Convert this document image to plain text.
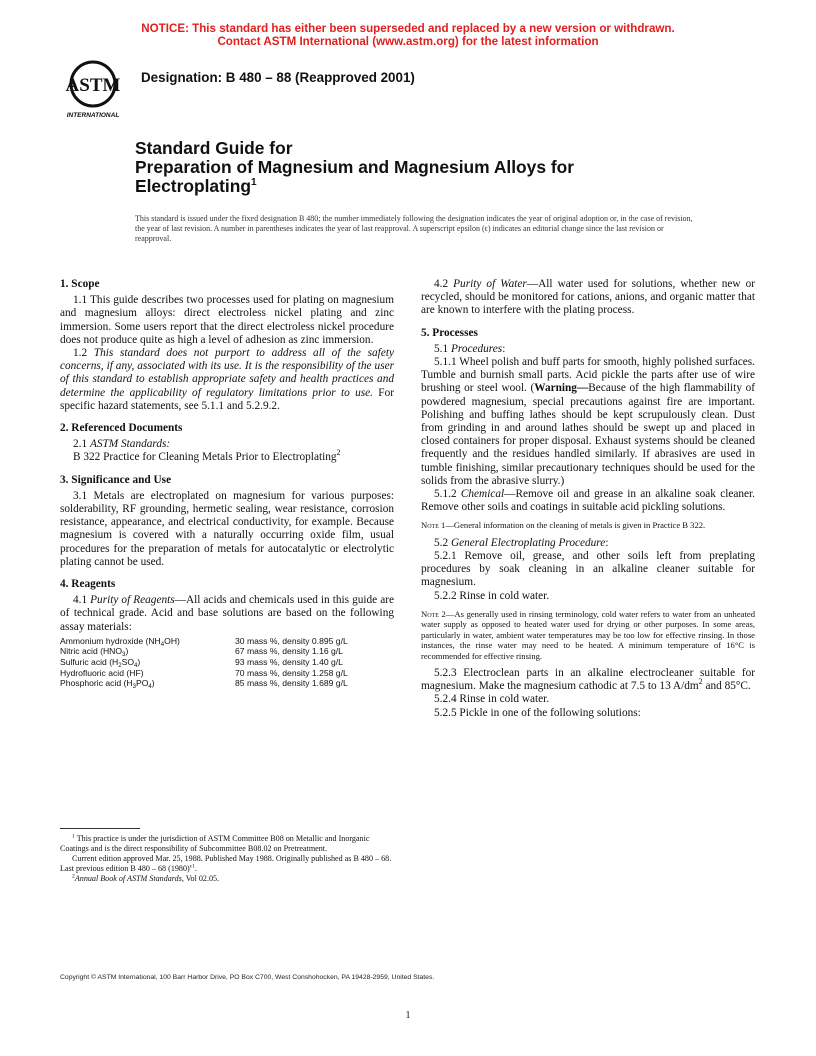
NOTICE: This standard has either been superseded and replaced by a new version or withdrawn.
Contact ASTM International (www.astm.org) for the latest information
ASTM
INTERNATIONAL
Designation: B 480 – 88 (Reapproved 2001)
Standard Guide for
Preparation of Magnesium and Magnesium Alloys for
Electroplating$^1$
This standard is issued under the fixed designation B 480; the number immediately following the designation indicates the year of original adoption or, in the case of revision, the year of last revision. A number in parentheses indicates the year of last reapproval. A superscript epsilon (ϵ) indicates an editorial change since the last revision or reapproval.
1. Scope

1.1 This guide describes two processes used for plating on magnesium and magnesium alloys: direct electroless nickel plating and zinc immersion. Some users report that the direct electroless nickel procedure does not produce quite as high a level of adhesion as zinc immersion.

1.2 This standard does not purport to address all of the safety concerns, if any, associated with its use. It is the responsibility of the user of this standard to establish appropriate safety and health practices and determine the applicability of regulatory limitations prior to use. For specific hazard statements, see 5.1.1 and 5.2.9.2.

2. Referenced Documents

2.1 ASTM Standards:

B 322 Practice for Cleaning Metals Prior to Electroplating$^2$

3. Significance and Use

3.1 Metals are electroplated on magnesium for various purposes: solderability, RF grounding, hermetic sealing, wear resistance, corrosion resistance, appearance, and electrical conductivity, for example. Because magnesium is covered with a naturally occurring oxide film, usual procedures for the preparation of metals for autocatalytic or electrolytic plating cannot be used.

4. Reagents

4.1 Purity of Reagents—All acids and chemicals used in this guide are of technical grade. Acid and base solutions are based on the following assay materials:

Ammonium hydroxide $(NH_4OH)$	30 mass %, density 0.895 g/L
Nitric acid $(HNO_3)$	67 mass %, density 1.16 g/L
Sulfuric acid $(H_2SO_4)$	93 mass %, density 1.40 g/L
Hydrofluoric acid (HF)	70 mass %, density 1.258 g/L
Phosphoric acid $(H_3PO_4)$	85 mass %, density 1.689 g/L

$^1$ This practice is under the jurisdiction of ASTM Committee B08 on Metallic and Inorganic Coatings and is the direct responsibility of Subcommittee B08.02 on Pretreatment.

Current edition approved Mar. 25, 1988. Published May 1988. Originally published as B 480 – 68. Last previous edition B 480 – 68 $(1980)^{\varepsilon 1}$.

$^2$Annual Book of ASTM Standards, Vol 02.05.

4.2 Purity of Water—All water used for solutions, whether new or recycled, should be monitored for cations, anions, and organic matter that are known to interfere with the plating process.

5. Processes

5.1 Procedures:

5.1.1 Wheel polish and buff parts for smooth, highly polished surfaces. Tumble and burnish small parts. Acid pickle the parts after use of wire brushing or steel wool. (Warning—Because of the high flammability of powdered magnesium, special precautions against fire are important. Polishing and buffing lathes should be kept scrupulously clean. Dust from grinding in and around lathes should be swept up and placed in closed containers for proper disposal. Exhaust systems should be cleaned frequently and the residues handled similarly. If abrasives are used in tumble finishing, similar precautionary techniques should be used for the solids from the abrasive slurry.)

5.1.2 Chemical—Remove oil and grease in an alkaline soak cleaner. Remove other soils and coatings in suitable acid pickling solutions.

Note 1—General information on the cleaning of metals is given in Practice B 322.

5.2 General Electroplating Procedure:

5.2.1 Remove oil, grease, and other soils left from preplating procedures by soak cleaning in an alkaline cleaner suitable for magnesium.

5.2.2 Rinse in cold water.

Note 2—As generally used in rinsing terminology, cold water refers to water from an unheated water supply as opposed to heated water used for drying or other purposes. In some areas, particularly in water, ambient water temperatures may be too low for effective rinsing. In those instances, the rinse water may need to be heated. A minimum temperature of 16°C is recommended for effective rinsing.

5.2.3 Electroclean parts in an alkaline electrocleaner suitable for magnesium. Make the magnesium cathodic at 7.5 to 13 $A/dm^2$ and 85°C.

5.2.4 Rinse in cold water.

5.2.5 Pickle in one of the following solutions:

Copyright © ASTM International, 100 Barr Harbor Drive, PO Box C700, West Conshohocken, PA 19428-2959, United States.
1
